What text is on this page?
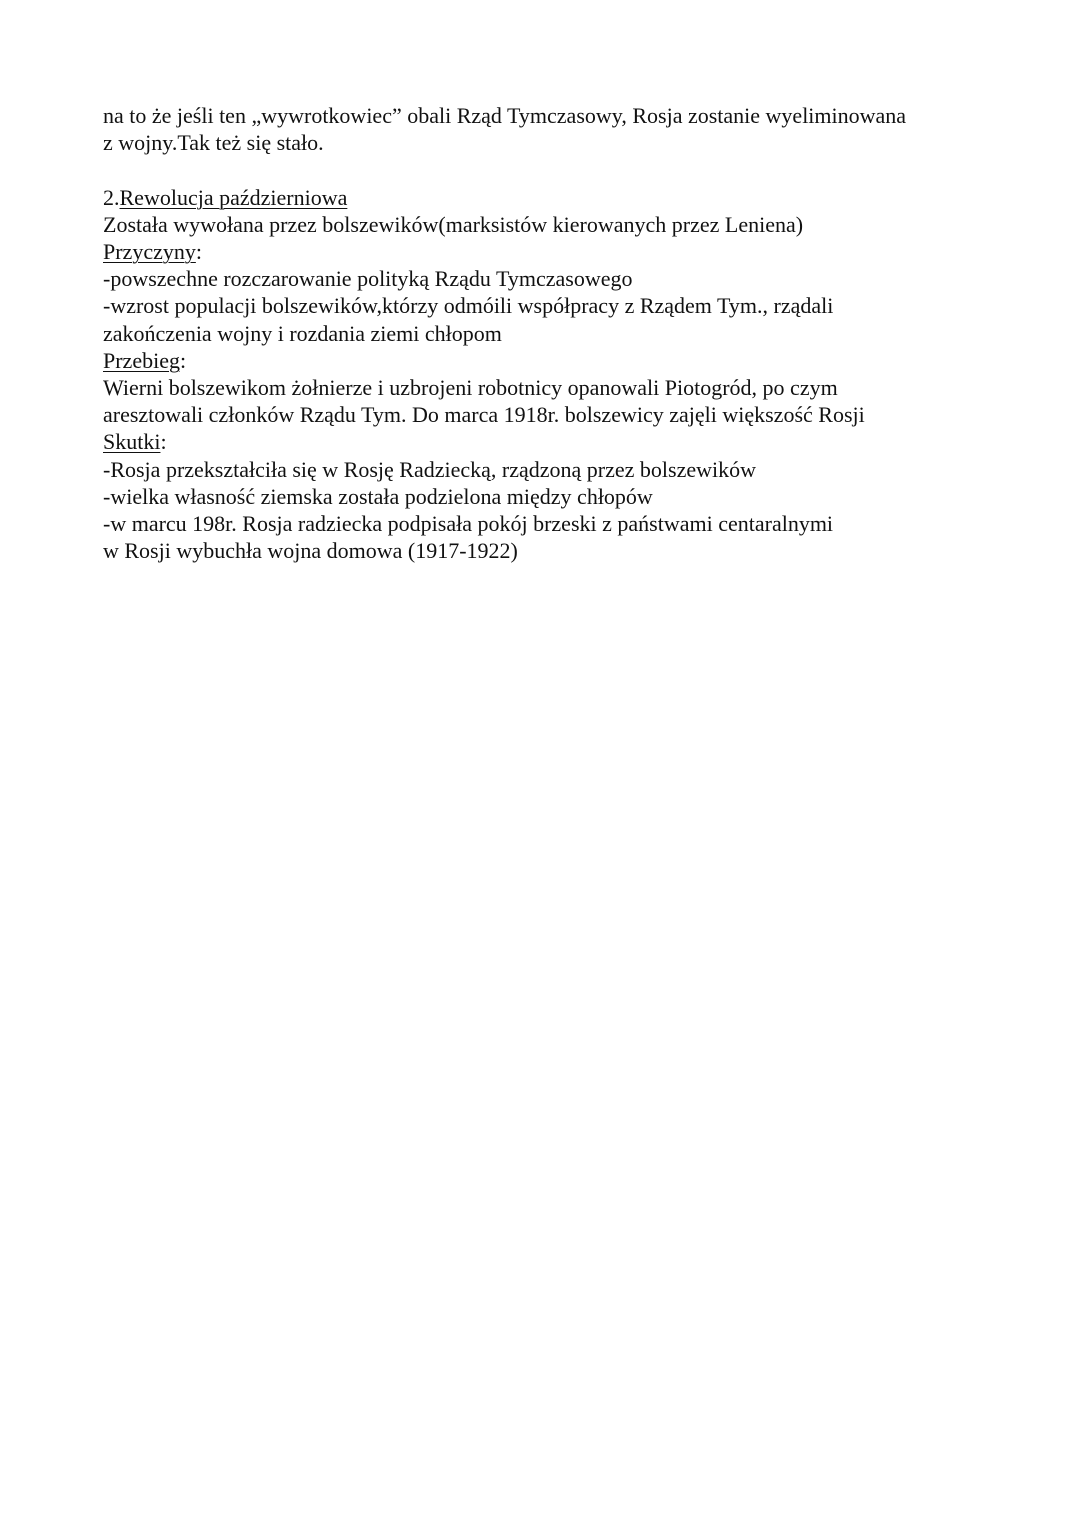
na to że jeśli ten „wywrotkowiec” obali Rząd Tymczasowy, Rosja zostanie wyeliminowana
z wojny.Tak też się stało.
2.Rewolucja październiowa
Została wywołana przez bolszewików(marksistów kierowanych przez Leniena)
Przyczyny:
-powszechne rozczarowanie polityką Rządu Tymczasowego
-wzrost populacji bolszewików,którzy odmóili współpracy z Rządem Tym., rządali
zakończenia wojny i rozdania ziemi chłopom
Przebieg:
Wierni bolszewikom żołnierze i uzbrojeni robotnicy opanowali Piotogród, po czym
aresztowali członków Rządu Tym. Do marca 1918r. bolszewicy zajęli większość Rosji
Skutki:
-Rosja przekształciła się w Rosję Radziecką, rządzoną przez bolszewików
-wielka własność ziemska została podzielona między chłopów
-w marcu 198r. Rosja radziecka podpisała pokój brzeski z państwami centaralnymi
w Rosji wybuchła wojna domowa (1917-1922)
